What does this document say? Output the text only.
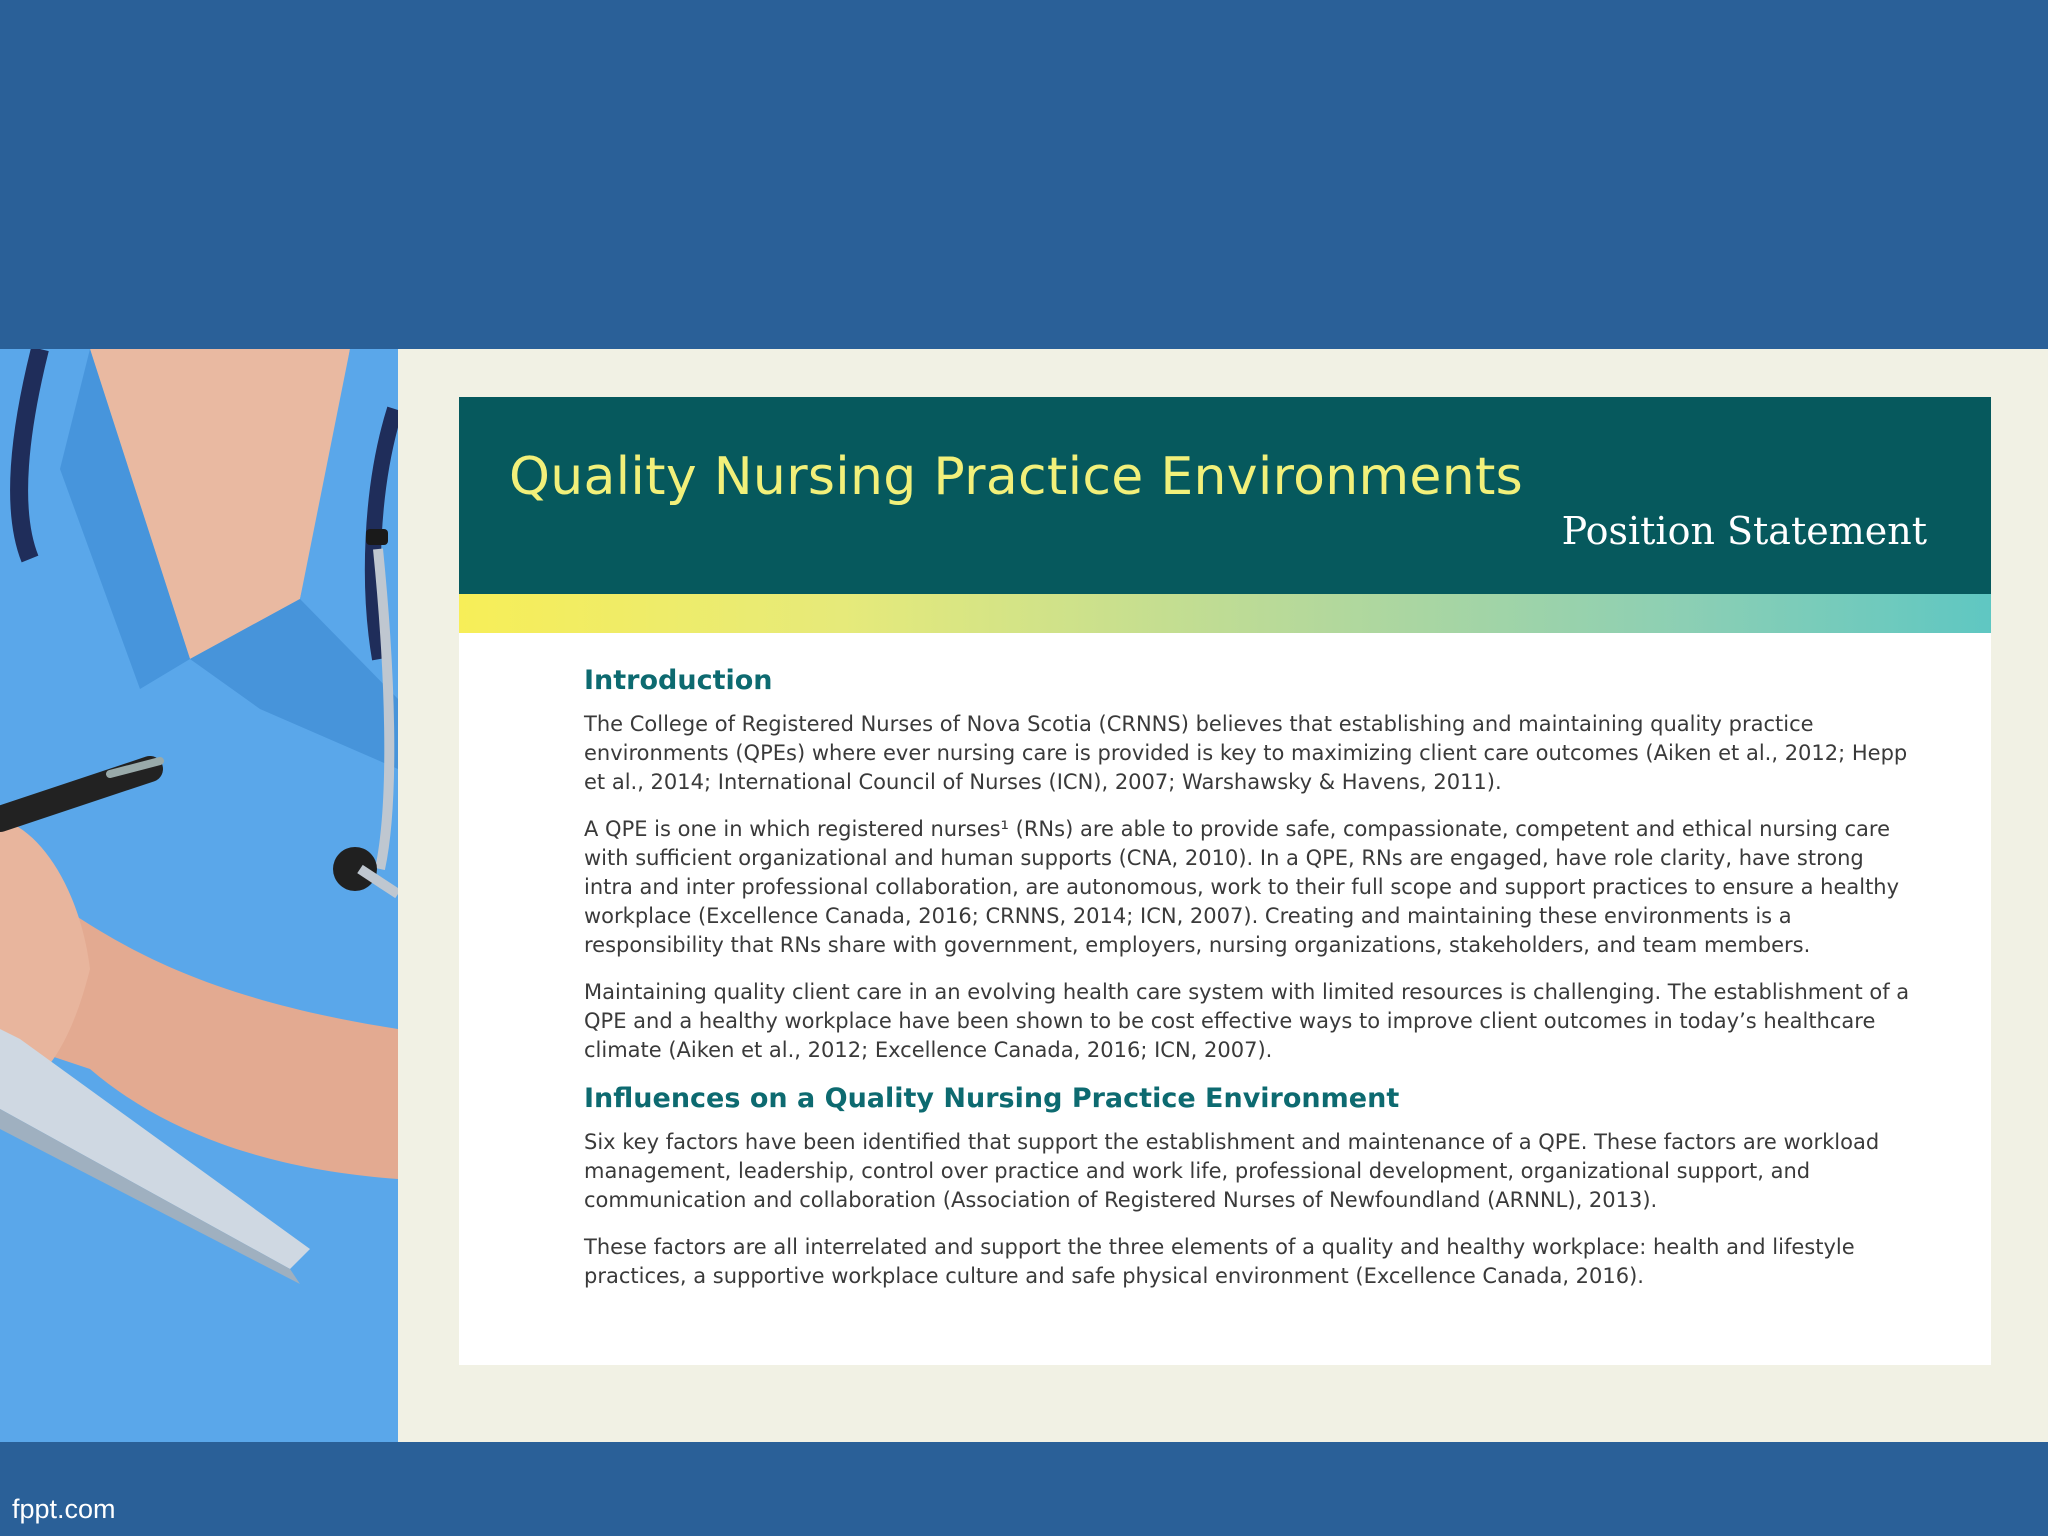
Quality Nursing Practice Environments
Position Statement
Introduction

The College of Registered Nurses of Nova Scotia (CRNNS) believes that establishing and maintaining quality practice environments (QPEs) where ever nursing care is provided is key to maximizing client care outcomes (Aiken et al., 2012; Hepp et al., 2014; International Council of Nurses (ICN), 2007; Warshawsky & Havens, 2011).

A QPE is one in which registered nurses¹ (RNs) are able to provide safe, compassionate, competent and ethical nursing care with sufficient organizational and human supports (CNA, 2010). In a QPE, RNs are engaged, have role clarity, have strong intra and inter professional collaboration, are autonomous, work to their full scope and support practices to ensure a healthy workplace (Excellence Canada, 2016; CRNNS, 2014; ICN, 2007). Creating and maintaining these environments is a responsibility that RNs share with government, employers, nursing organizations, stakeholders, and team members.

Maintaining quality client care in an evolving health care system with limited resources is challenging. The establishment of a QPE and a healthy workplace have been shown to be cost effective ways to improve client outcomes in today’s healthcare climate (Aiken et al., 2012; Excellence Canada, 2016; ICN, 2007).

Influences on a Quality Nursing Practice Environment

Six key factors have been identified that support the establishment and maintenance of a QPE. These factors are workload management, leadership, control over practice and work life, professional development, organizational support, and communication and collaboration (Association of Registered Nurses of Newfoundland (ARNNL), 2013).

These factors are all interrelated and support the three elements of a quality and healthy workplace: health and lifestyle practices, a supportive workplace culture and safe physical environment (Excellence Canada, 2016).

fppt.com
